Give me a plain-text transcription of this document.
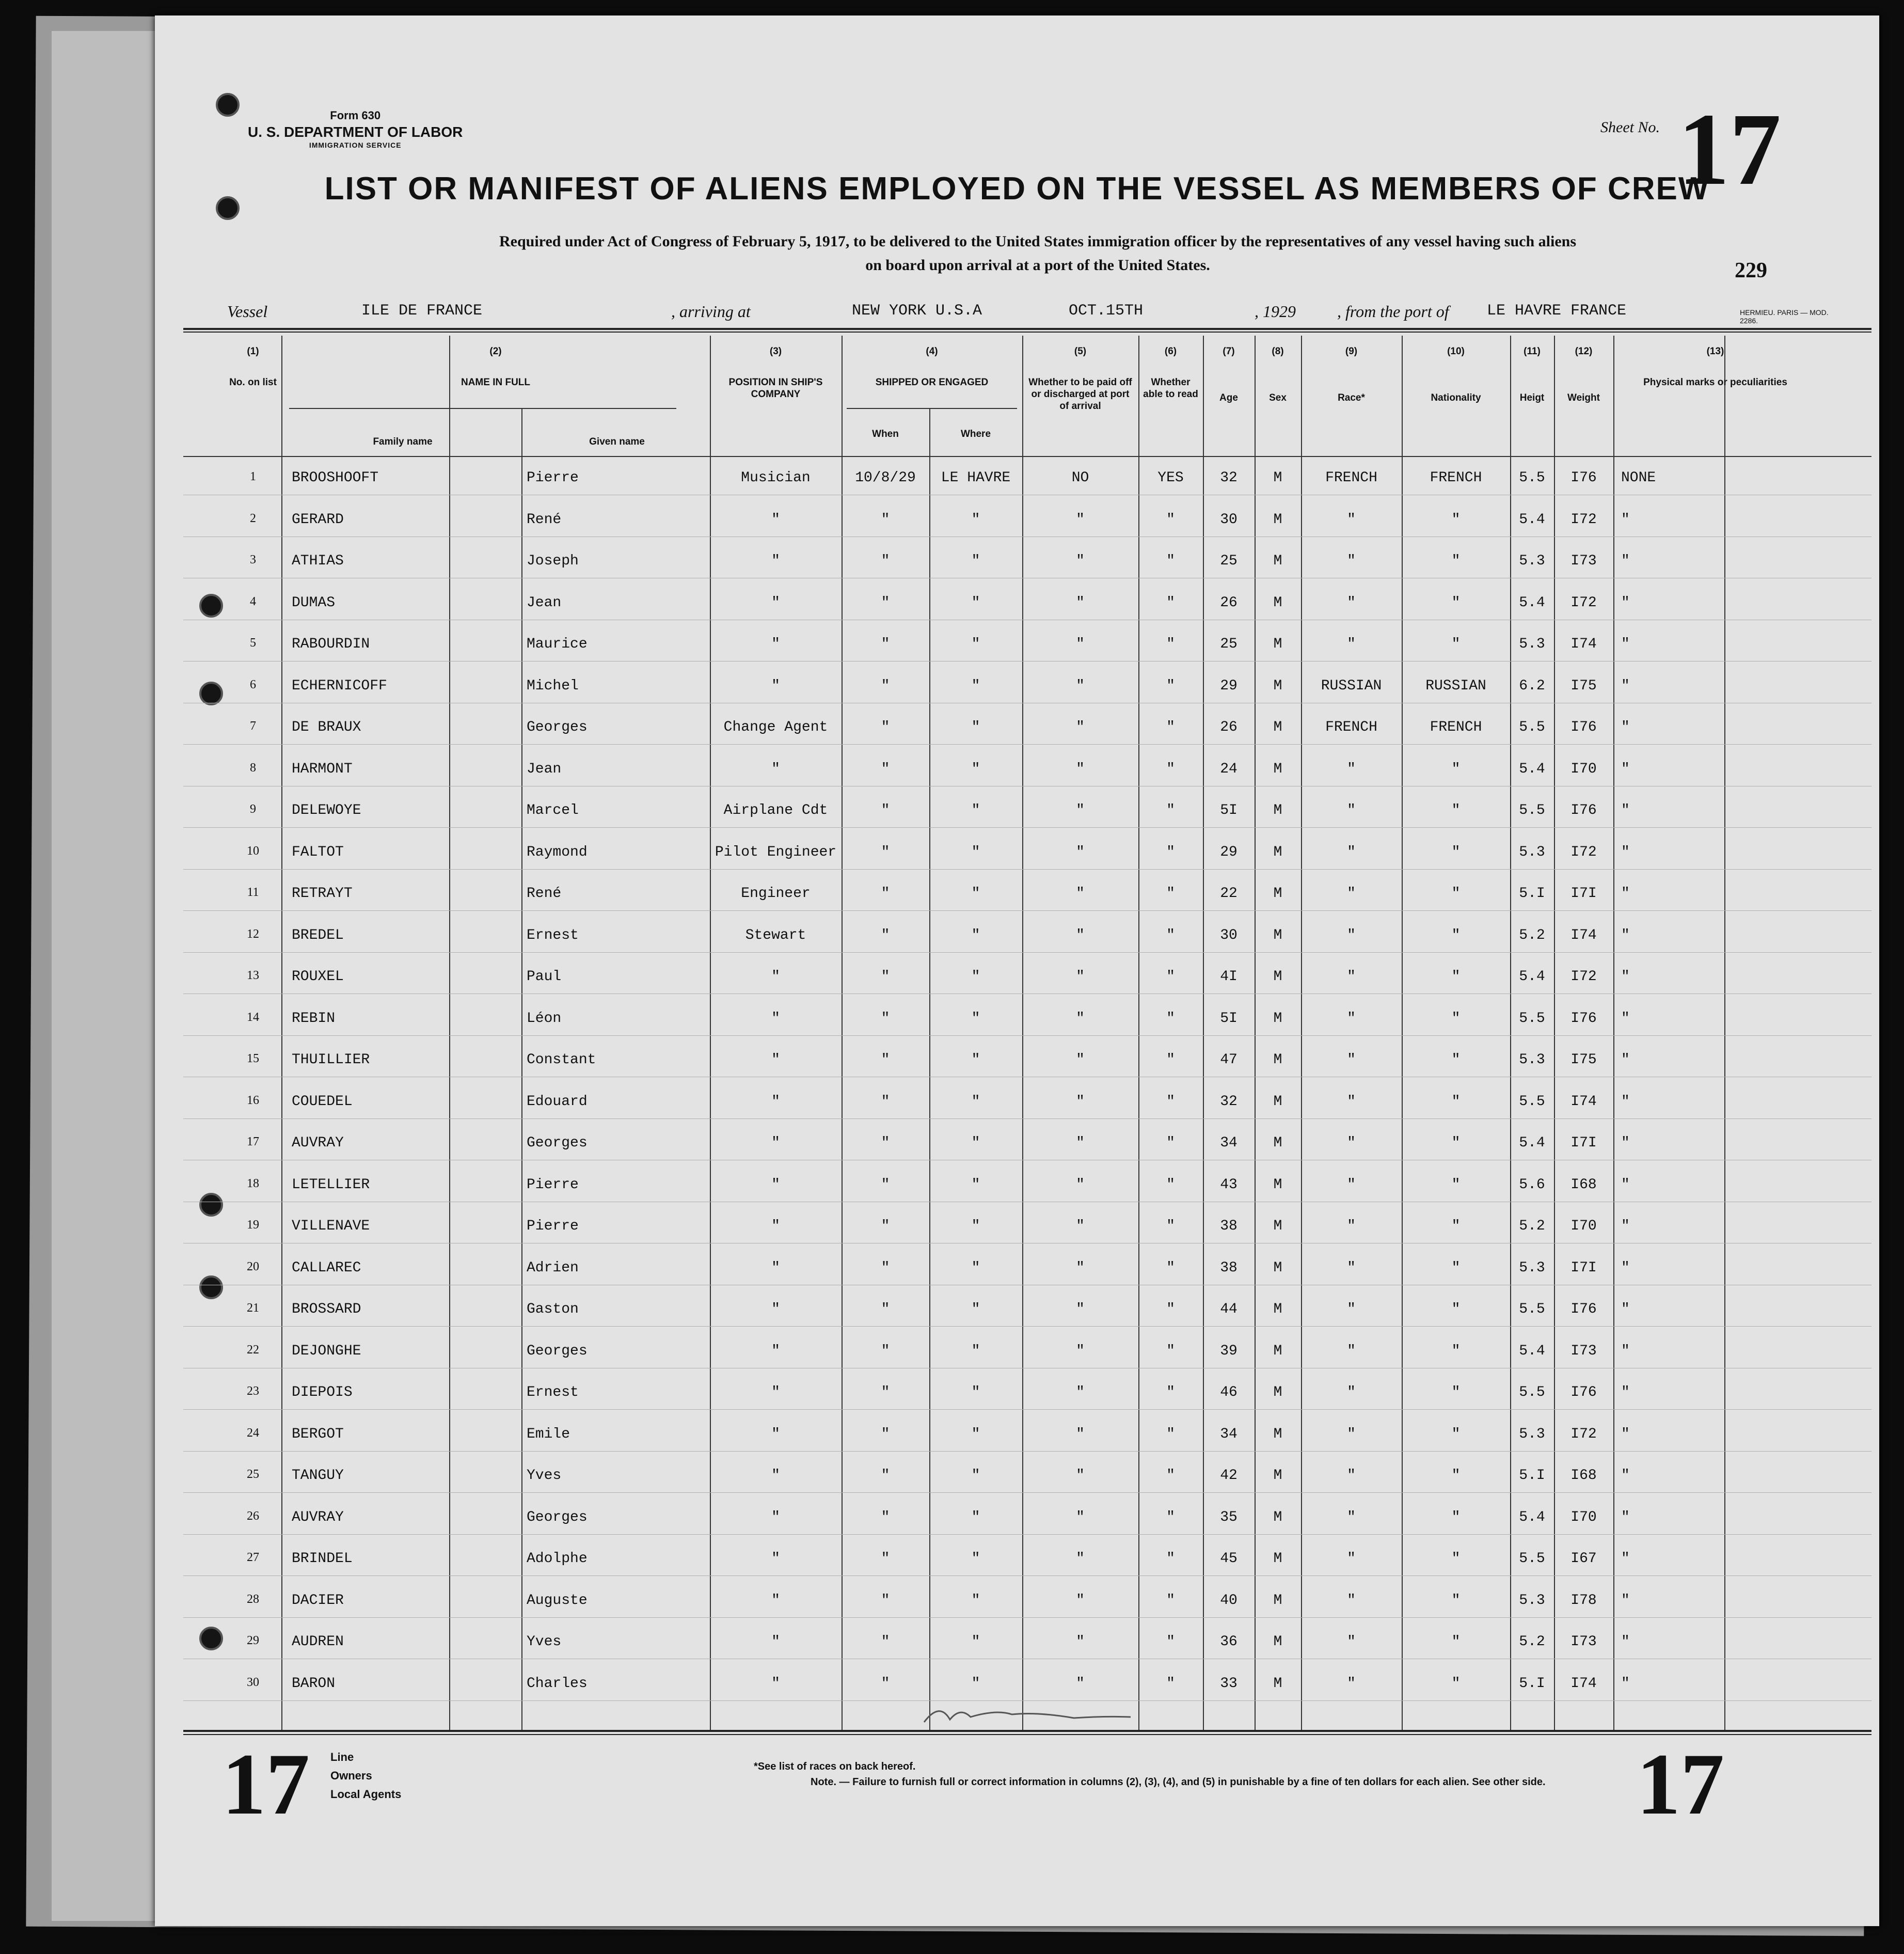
Form 630
U. S. DEPARTMENT OF LABOR
IMMIGRATION SERVICE
Sheet No. 17
LIST OR MANIFEST OF ALIENS EMPLOYED ON THE VESSEL AS MEMBERS OF CREW
Required under Act of Congress of February 5, 1917, to be delivered to the United States immigration officer by the representatives of any vessel having such aliens
on board upon arrival at a port of the United States.	229
Vessel	ILE DE FRANCE	, arriving at	NEW YORK U.S.A	OCT.15TH	, 1929	, from the port of LE HAVRE FRANCE	HERMIEU. PARIS — MOD. 2286.
(1)
No. on list
(2)
NAME IN FULL
(3)
POSITION IN SHIP'S COMPANY
(4)
SHIPPED OR ENGAGED
(5)
Whether to be paid off or discharged at port of arrival
(6)
Whether able to read
(7)
Age
(8)
Sex
(9)
Race*
(10)
Nationality
(11)
Heigt
(12)
Weight
(13)
Physical marks or peculiarities
Family name	Given name
When	Where
1	BROOSHOOFT	Pierre	Musician	10/8/29	LE HAVRE	NO	YES	32	M	FRENCH	FRENCH	5.5	I76	NONE
2	GERARD	René	"	"	"	"	"	30	M	"	"	5.4	I72	"
3	ATHIAS	Joseph	"	"	"	"	"	25	M	"	"	5.3	I73	"
4	DUMAS	Jean	"	"	"	"	"	26	M	"	"	5.4	I72	"
5	RABOURDIN	Maurice	"	"	"	"	"	25	M	"	"	5.3	I74	"
6	ECHERNICOFF	Michel	"	"	"	"	"	29	M	RUSSIAN	RUSSIAN	6.2	I75	"
7	DE BRAUX	Georges	Change Agent	"	"	"	"	26	M	FRENCH	FRENCH	5.5	I76	"
8	HARMONT	Jean	"	"	"	"	"	24	M	"	"	5.4	I70	"
9	DELEWOYE	Marcel	Airplane Cdt	"	"	"	"	5I	M	"	"	5.5	I76	"
10	FALTOT	Raymond	Pilot Engineer	"	"	"	"	29	M	"	"	5.3	I72	"
11	RETRAYT	René	Engineer	"	"	"	"	22	M	"	"	5.I	I7I	"
12	BREDEL	Ernest	Stewart	"	"	"	"	30	M	"	"	5.2	I74	"
13	ROUXEL	Paul	"	"	"	"	"	4I	M	"	"	5.4	I72	"
14	REBIN	Léon	"	"	"	"	"	5I	M	"	"	5.5	I76	"
15	THUILLIER	Constant	"	"	"	"	"	47	M	"	"	5.3	I75	"
16	COUEDEL	Edouard	"	"	"	"	"	32	M	"	"	5.5	I74	"
17	AUVRAY	Georges	"	"	"	"	"	34	M	"	"	5.4	I7I	"
18	LETELLIER	Pierre	"	"	"	"	"	43	M	"	"	5.6	I68	"
19	VILLENAVE	Pierre	"	"	"	"	"	38	M	"	"	5.2	I70	"
20	CALLAREC	Adrien	"	"	"	"	"	38	M	"	"	5.3	I7I	"
21	BROSSARD	Gaston	"	"	"	"	"	44	M	"	"	5.5	I76	"
22	DEJONGHE	Georges	"	"	"	"	"	39	M	"	"	5.4	I73	"
23	DIEPOIS	Ernest	"	"	"	"	"	46	M	"	"	5.5	I76	"
24	BERGOT	Emile	"	"	"	"	"	34	M	"	"	5.3	I72	"
25	TANGUY	Yves	"	"	"	"	"	42	M	"	"	5.I	I68	"
26	AUVRAY	Georges	"	"	"	"	"	35	M	"	"	5.4	I70	"
27	BRINDEL	Adolphe	"	"	"	"	"	45	M	"	"	5.5	I67	"
28	DACIER	Auguste	"	"	"	"	"	40	M	"	"	5.3	I78	"
29	AUDREN	Yves	"	"	"	"	"	36	M	"	"	5.2	I73	"
30	BARON	Charles	"	"	"	"	"	33	M	"	"	5.I	I74	"
17	17
Line
Owners
Local Agents
*See list of races on back hereof.
Note. — Failure to furnish full or correct information in columns (2), (3), (4), and (5) in punishable by a fine of ten dollars for each alien. See other side.
